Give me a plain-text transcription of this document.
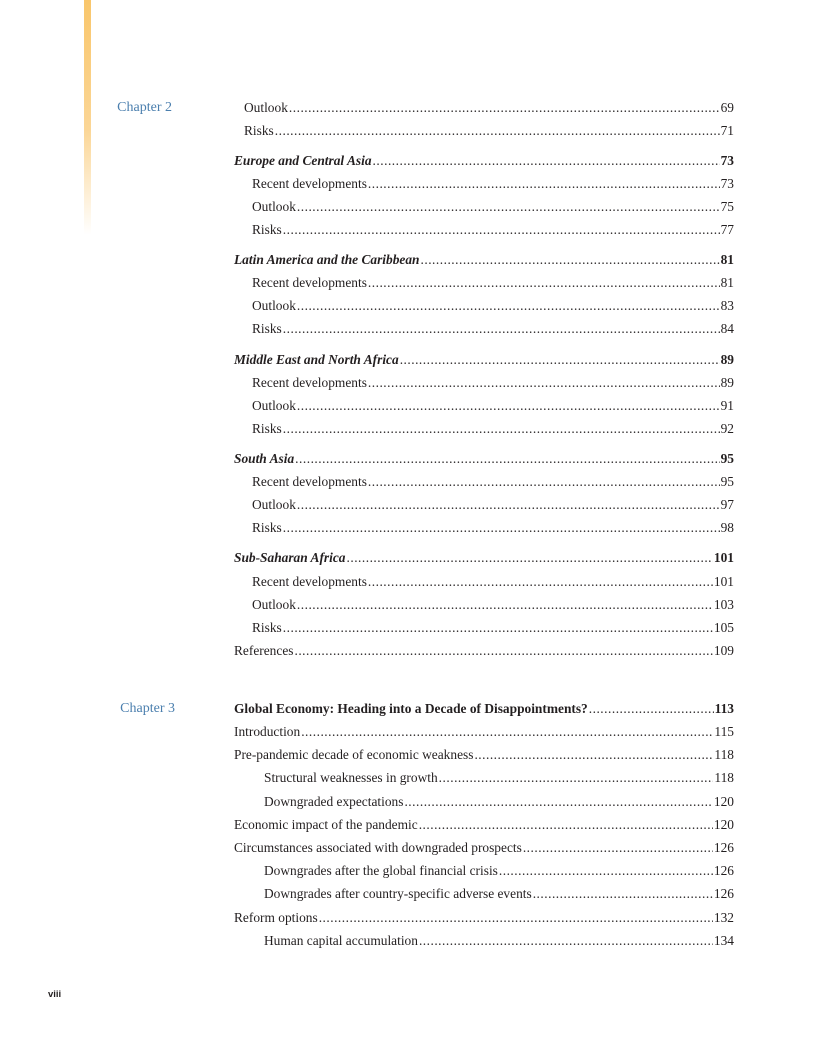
Chapter 2	Outlook .....	69
Risks .....	71
Europe and Central Asia .....	73
Recent developments .....	73
Outlook .....	75
Risks .....	77
Latin America and the Caribbean .....	81
Recent developments .....	81
Outlook .....	83
Risks .....	84
Middle East and North Africa .....	89
Recent developments .....	89
Outlook .....	91
Risks .....	92
South Asia .....	95
Recent developments .....	95
Outlook .....	97
Risks .....	98
Sub-Saharan Africa .....	101
Recent developments .....	101
Outlook .....	103
Risks .....	105
References .....	109
Chapter 3	Global Economy: Heading into a Decade of Disappointments? .....	113
Introduction .....	115
Pre-pandemic decade of economic weakness .....	118
Structural weaknesses in growth .....	118
Downgraded expectations .....	120
Economic impact of the pandemic .....	120
Circumstances associated with downgraded prospects .....	126
Downgrades after the global financial crisis .....	126
Downgrades after country-specific adverse events .....	126
Reform options .....	132
Human capital accumulation .....	134
viii
